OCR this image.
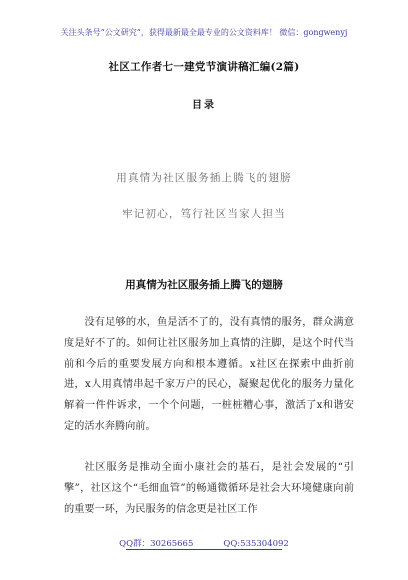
关注头条号“公文研究”，获得最新最全最专业的公文资料库！ 微信：gongwenyj
社区工作者七一建党节演讲稿汇编(2篇)
目录
用真情为社区服务插上腾飞的翅膀
牢记初心，笃行社区当家人担当
用真情为社区服务插上腾飞的翅膀

没有足够的水，鱼是活不了的，没有真情的服务，群众满意度是好不了的。如何让社区服务加上真情的注脚，是这个时代当前和今后的重要发展方向和根本遵循。x社区在探索中曲折前进，x人用真情串起千家万户的民心，凝聚起优化的服务力量化解着一件件诉求，一个个问题，一桩桩糟心事，激活了x和谐安定的活水奔腾向前。

社区服务是推动全面小康社会的基石，是社会发展的“引擎”，社区这个“毛细血管”的畅通微循环是社会大环境健康向前的重要一环，为民服务的信念更是社区工作

QQ群：30265665	QQ:535304092
